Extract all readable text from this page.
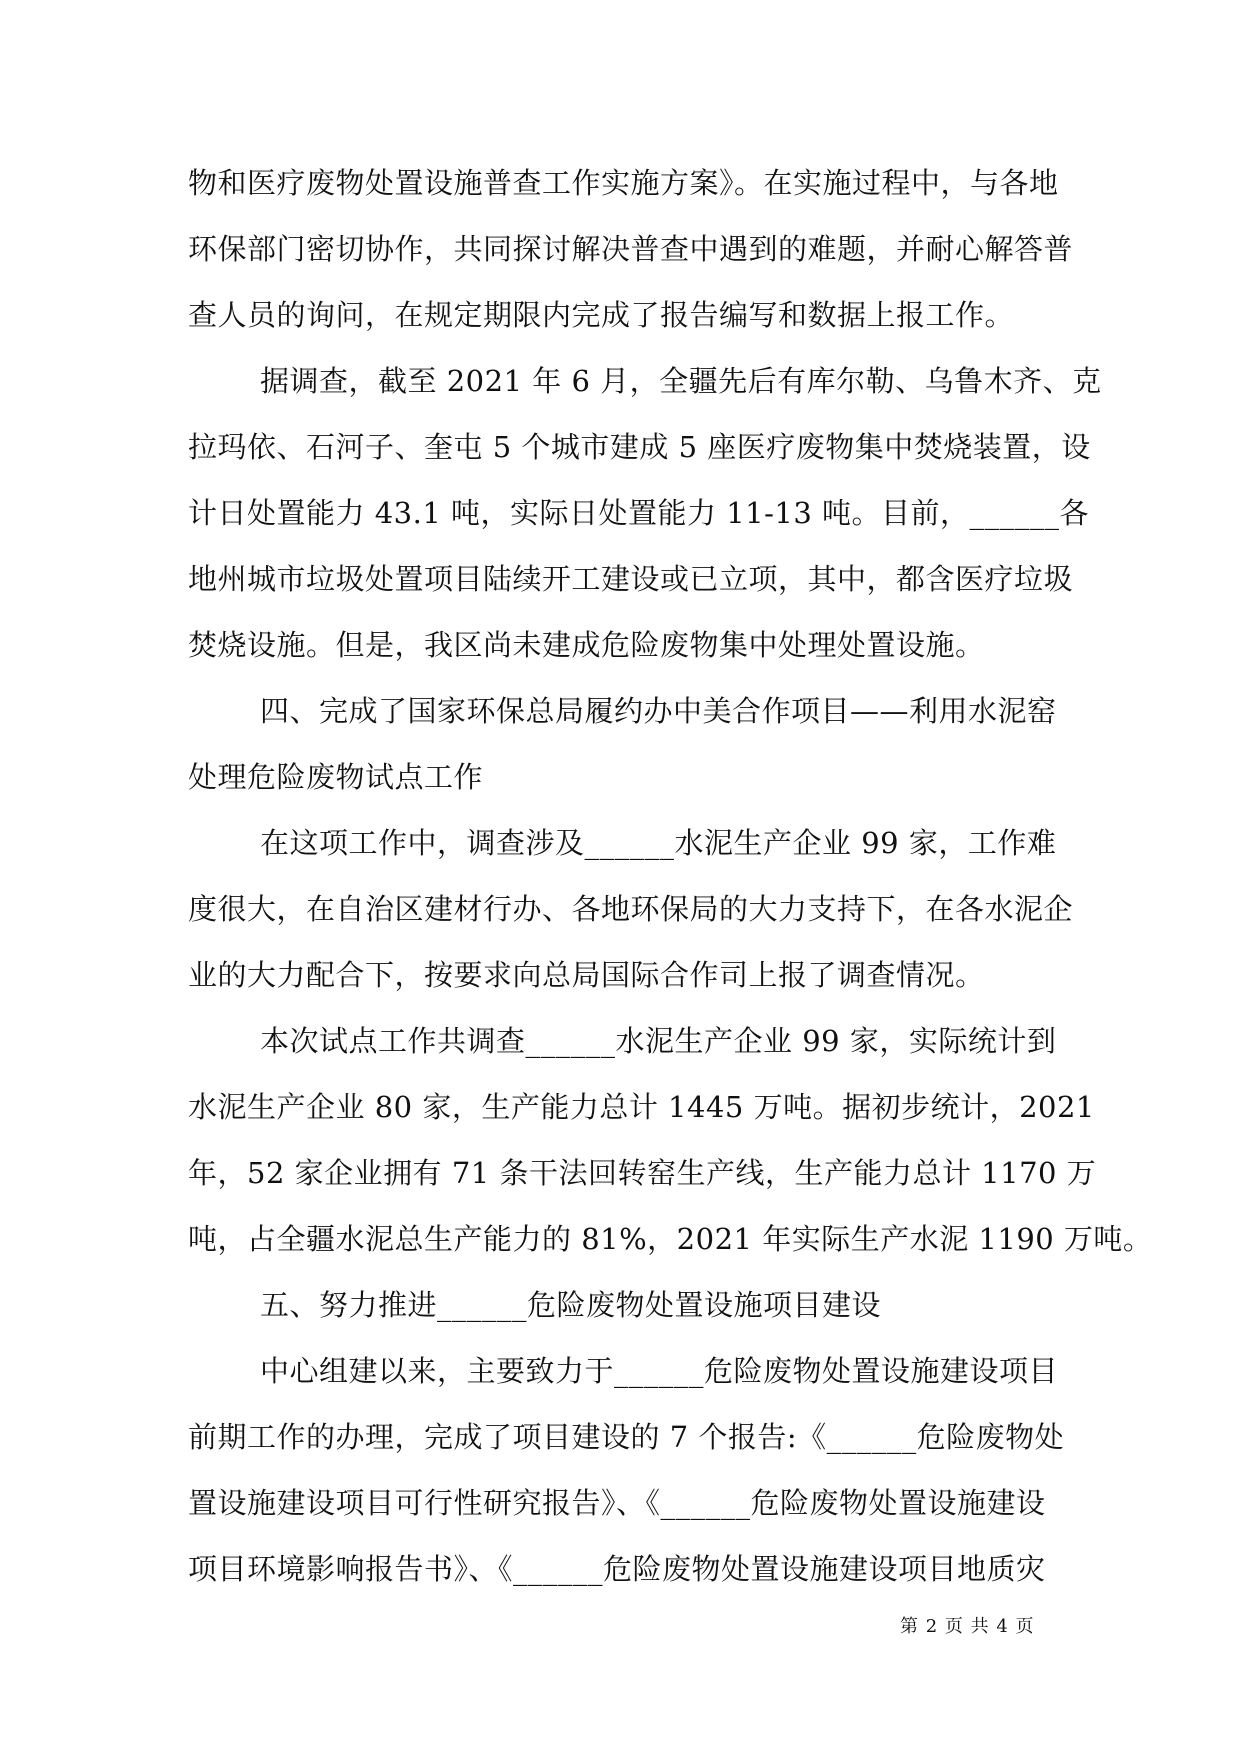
物和医疗废物处置设施普查工作实施方案》。在实施过程中，与各地
环保部门密切协作，共同探讨解决普查中遇到的难题，并耐心解答普
查人员的询问，在规定期限内完成了报告编写和数据上报工作。
据调查，截至 2021 年 6 月，全疆先后有库尔勒、乌鲁木齐、克
拉玛依、石河子、奎屯 5 个城市建成 5 座医疗废物集中焚烧装置，设
计日处置能力 43.1 吨，实际日处置能力 11-13 吨。目前，______各
地州城市垃圾处置项目陆续开工建设或已立项，其中，都含医疗垃圾
焚烧设施。但是，我区尚未建成危险废物集中处理处置设施。
四、完成了国家环保总局履约办中美合作项目——利用水泥窑
处理危险废物试点工作
在这项工作中，调查涉及______水泥生产企业 99 家，工作难
度很大，在自治区建材行办、各地环保局的大力支持下，在各水泥企
业的大力配合下，按要求向总局国际合作司上报了调查情况。
本次试点工作共调查______水泥生产企业 99 家，实际统计到
水泥生产企业 80 家，生产能力总计 1445 万吨。据初步统计，2021
年，52 家企业拥有 71 条干法回转窑生产线，生产能力总计 1170 万
吨，占全疆水泥总生产能力的 81%，2021 年实际生产水泥 1190 万吨。
五、努力推进______危险废物处置设施项目建设
中心组建以来，主要致力于______危险废物处置设施建设项目
前期工作的办理，完成了项目建设的 7 个报告:《______危险废物处
置设施建设项目可行性研究报告》、《______危险废物处置设施建设
项目环境影响报告书》、《______危险废物处置设施建设项目地质灾
第 2 页 共 4 页
